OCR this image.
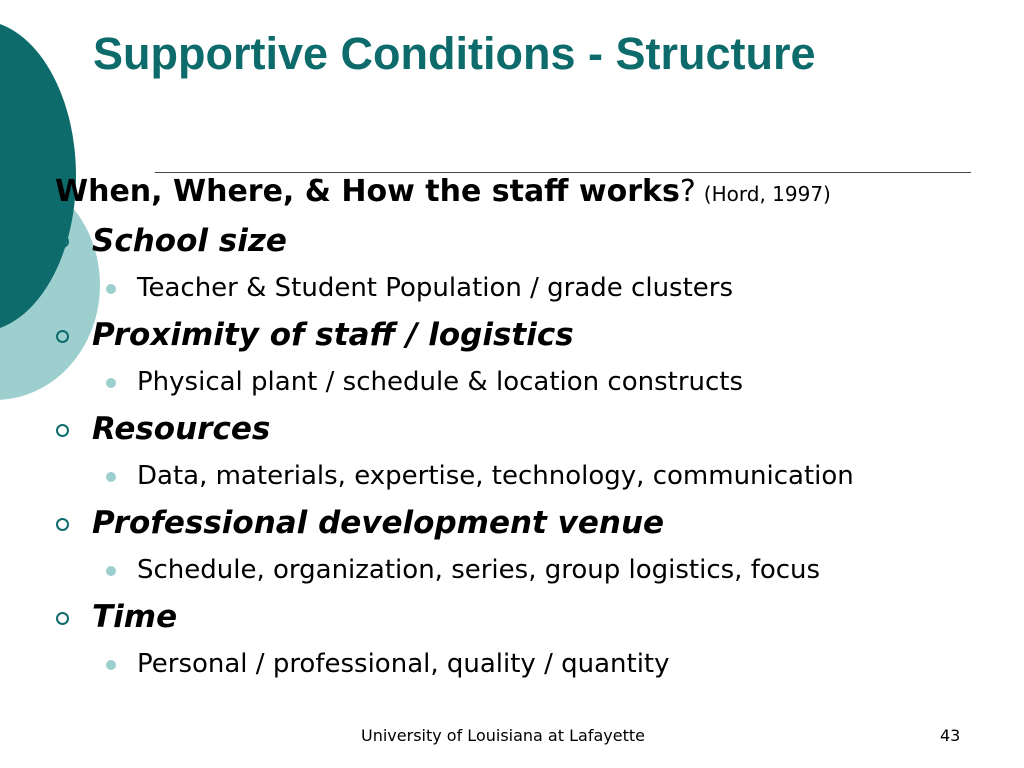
Supportive Conditions - Structure
When, Where, & How the staff works? (Hord, 1997)
School size
Teacher & Student Population / grade clusters
Proximity of staff / logistics
Physical plant / schedule & location constructs
Resources
Data, materials, expertise, technology, communication
Professional development venue
Schedule, organization, series, group logistics, focus
Time
Personal / professional, quality / quantity
University of Louisiana at Lafayette	43
